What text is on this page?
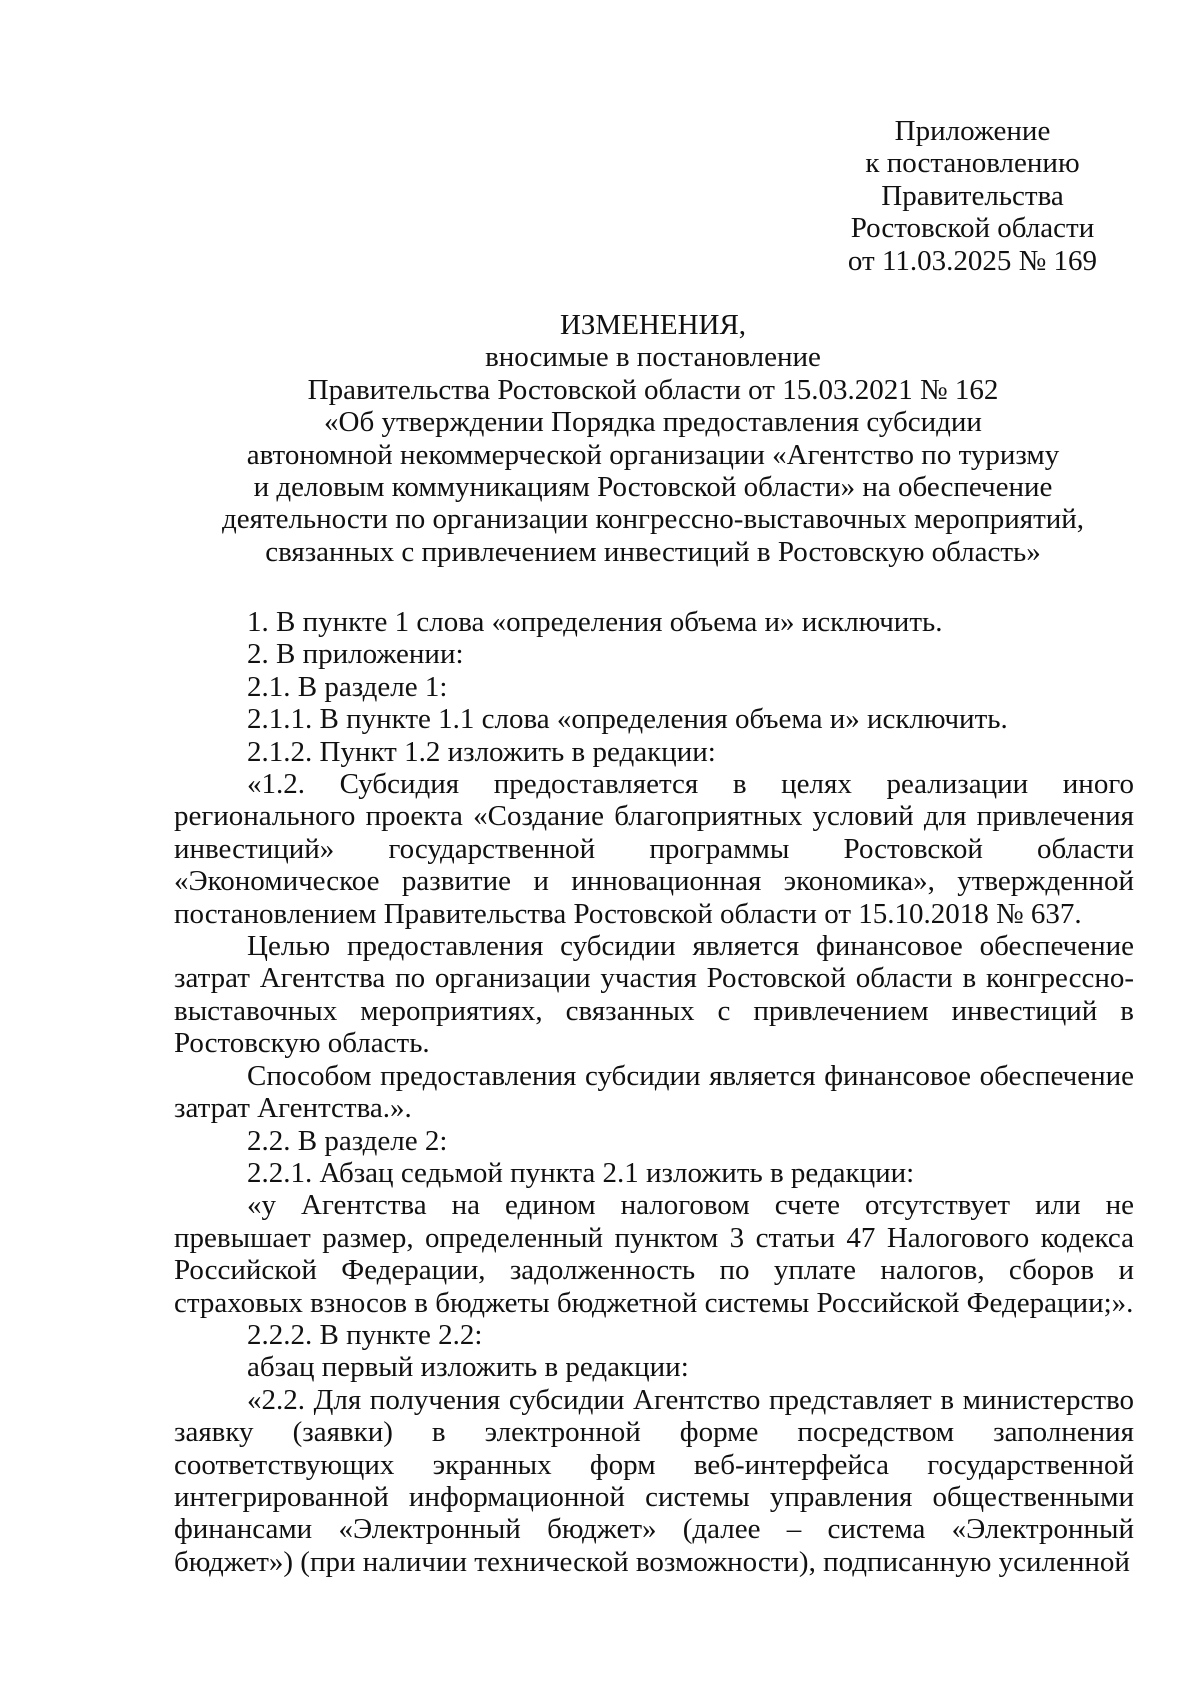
Приложение
к постановлению
Правительства
Ростовской области
от 11.03.2025 № 169
ИЗМЕНЕНИЯ,
вносимые в постановление
Правительства Ростовской области от 15.03.2021 № 162
«Об утверждении Порядка предоставления субсидии
автономной некоммерческой организации «Агентство по туризму
и деловым коммуникациям Ростовской области» на обеспечение
деятельности по организации конгрессно-выставочных мероприятий,
связанных с привлечением инвестиций в Ростовскую область»

1. В пункте 1 слова «определения объема и» исключить.

2. В приложении:

2.1. В разделе 1:

2.1.1. В пункте 1.1 слова «определения объема и» исключить.

2.1.2. Пункт 1.2 изложить в редакции:

«1.2. Субсидия предоставляется в целях реализации иного регионального проекта «Создание благоприятных условий для привлечения инвестиций» государственной программы Ростовской области «Экономическое развитие и инновационная экономика», утвержденной постановлением Правительства Ростовской области от 15.10.2018 № 637.

Целью предоставления субсидии является финансовое обеспечение затрат Агентства по организации участия Ростовской области в конгрессно-выставочных мероприятиях, связанных с привлечением инвестиций в Ростовскую область.

Способом предоставления субсидии является финансовое обеспечение затрат Агентства.».

2.2. В разделе 2:

2.2.1. Абзац седьмой пункта 2.1 изложить в редакции:

«у Агентства на едином налоговом счете отсутствует или не превышает размер, определенный пунктом 3 статьи 47 Налогового кодекса Российской Федерации, задолженность по уплате налогов, сборов и страховых взносов в бюджеты бюджетной системы Российской Федерации;».

2.2.2. В пункте 2.2:

абзац первый изложить в редакции:

«2.2. Для получения субсидии Агентство представляет в министерство заявку (заявки) в электронной форме посредством заполнения соответствующих экранных форм веб-интерфейса государственной интегрированной информационной системы управления общественными финансами «Электронный бюджет» (далее – система «Электронный бюджет») (при наличии технической возможности), подписанную усиленной
